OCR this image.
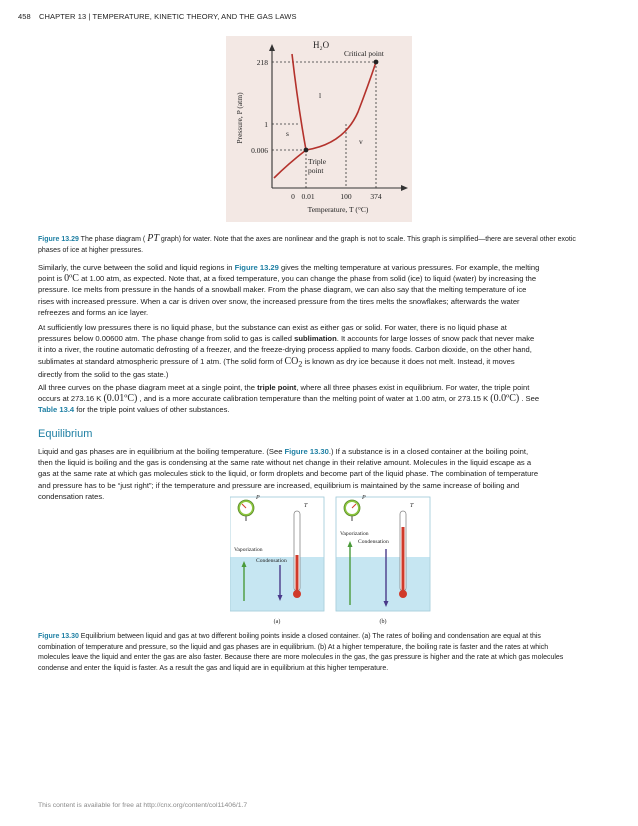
458 CHAPTER 13 | TEMPERATURE, KINETIC THEORY, AND THE GAS LAWS
H₂O
Critical point
218
1
0.006
0 0.01	100	374
Temperature, T (°C)
Pressure, P (atm)	s
l
v
Triple
point
Figure 13.29 The phase diagram ( PT graph) for water. Note that the axes are nonlinear and the graph is not to scale. This graph is simplified—there are several other exotic
phases of ice at higher pressures.
Similarly, the curve between the solid and liquid regions in Figure 13.29 gives the melting temperature at various pressures. For example, the melting
point is 0ºC at 1.00 atm, as expected. Note that, at a fixed temperature, you can change the phase from solid (ice) to liquid (water) by increasing the
pressure. Ice melts from pressure in the hands of a snowball maker. From the phase diagram, we can also say that the melting temperature of ice
rises with increased pressure. When a car is driven over snow, the increased pressure from the tires melts the snowflakes; afterwards the water
refreezes and forms an ice layer.
At sufficiently low pressures there is no liquid phase, but the substance can exist as either gas or solid. For water, there is no liquid phase at
pressures below 0.00600 atm. The phase change from solid to gas is called sublimation. It accounts for large losses of snow pack that never make
it into a river, the routine automatic defrosting of a freezer, and the freeze-drying process applied to many foods. Carbon dioxide, on the other hand,
sublimates at standard atmospheric pressure of 1 atm. (The solid form of $CO_2$ is known as dry ice because it does not melt. Instead, it moves
directly from the solid to the gas state.)
All three curves on the phase diagram meet at a single point, the triple point, where all three phases exist in equilibrium. For water, the triple point
occurs at 273.16 K (0.01ºC) , and is a more accurate calibration temperature than the melting point of water at 1.00 atm, or 273.15 K (0.0ºC) . See
Table 13.4 for the triple point values of other substances.
Equilibrium
Liquid and gas phases are in equilibrium at the boiling temperature. (See Figure 13.30.) If a substance is in a closed container at the boiling point,
then the liquid is boiling and the gas is condensing at the same rate without net change in their relative amount. Molecules in the liquid escape as a
gas at the same rate at which gas molecules stick to the liquid, or form droplets and become part of the liquid phase. The combination of temperature
and pressure has to be “just right”; if the temperature and pressure are increased, equilibrium is maintained by the same increase of boiling and
condensation rates.	P
T
Vaporization
Condensation
(a)
P
T
Vaporization
Condensation
(b)
Figure 13.30 Equilibrium between liquid and gas at two different boiling points inside a closed container. (a) The rates of boiling and condensation are equal at this
combination of temperature and pressure, so the liquid and gas phases are in equilibrium. (b) At a higher temperature, the boiling rate is faster and the rates at which
molecules leave the liquid and enter the gas are also faster. Because there are more molecules in the gas, the gas pressure is higher and the rate at which gas molecules
condense and enter the liquid is faster. As a result the gas and liquid are in equilibrium at this higher temperature.
This content is available for free at http://cnx.org/content/col11406/1.7
